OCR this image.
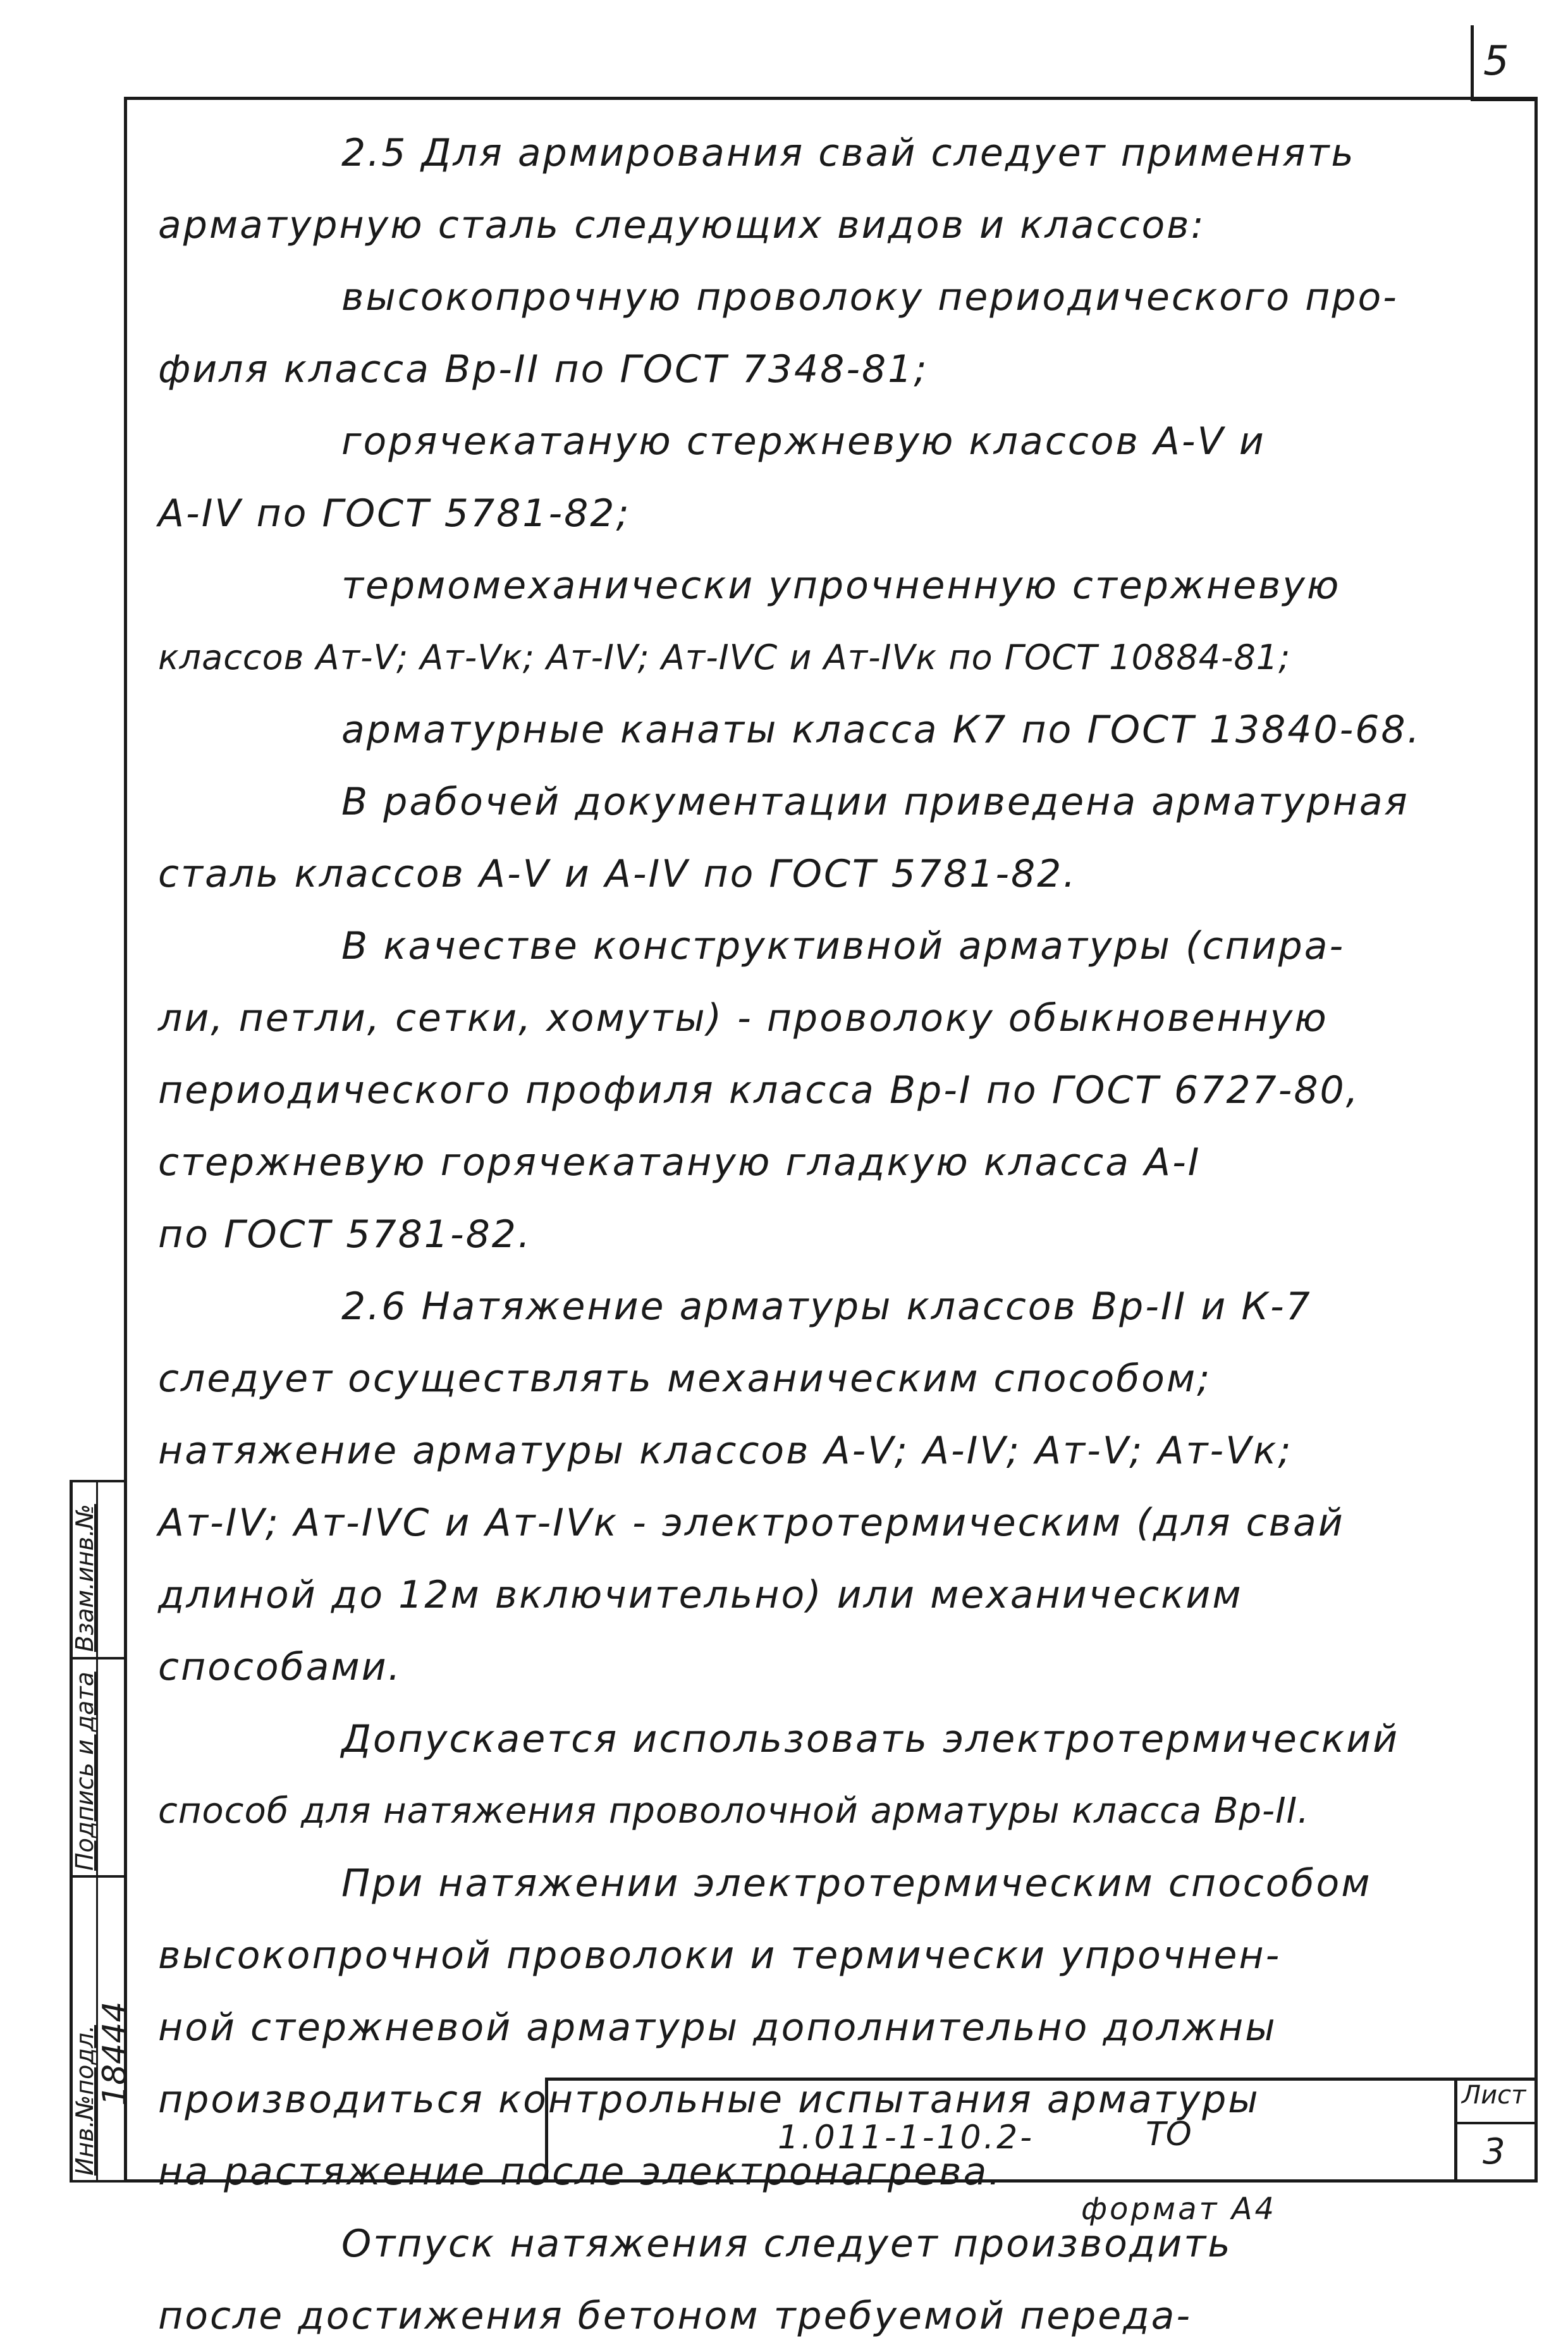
5
2.5 Для армирования свай следует применять
арматурную сталь следующих видов и классов:
высокопрочную проволоку периодического про-
филя класса Bр-II по ГОСТ 7348-81;
горячекатаную стержневую классов А-V и
А-IV по ГОСТ 5781-82;
термомеханически упрочненную стержневую
классов Ат-V; Ат-Vк; Ат-IV; Ат-IVС и Ат-IVк по ГОСТ 10884-81;
арматурные канаты класса К7 по ГОСТ 13840-68.
В рабочей документации приведена арматурная
сталь классов А-V и А-IV по ГОСТ 5781-82.
В качестве конструктивной арматуры (спира-
ли, петли, сетки, хомуты) - проволоку обыкновенную
периодического профиля класса Bр-I по ГОСТ 6727-80,
стержневую горячекатаную гладкую класса А-I
по ГОСТ 5781-82.
2.6 Натяжение арматуры классов Bр-II и К-7
следует осуществлять механическим способом;
натяжение арматуры классов А-V; А-IV; Ат-V; Ат-Vк;
Ат-IV; Ат-IVС и Ат-IVк - электротермическим (для свай
длиной до 12м включительно) или механическим
способами.
Допускается использовать электротермический
способ для натяжения проволочной арматуры класса Bр-II.
При натяжении электротермическим способом
высокопрочной проволоки и термически упрочнен-
ной стержневой арматуры дополнительно должны
производиться контрольные испытания арматуры
на растяжение после электронагрева.
Отпуск натяжения следует производить
после достижения бетоном требуемой переда-
1.011-1-10.2-	ТО
Лист
3
формат А4
Взам.инв.№
Подпись и дата
Инв.№подл.
18444
